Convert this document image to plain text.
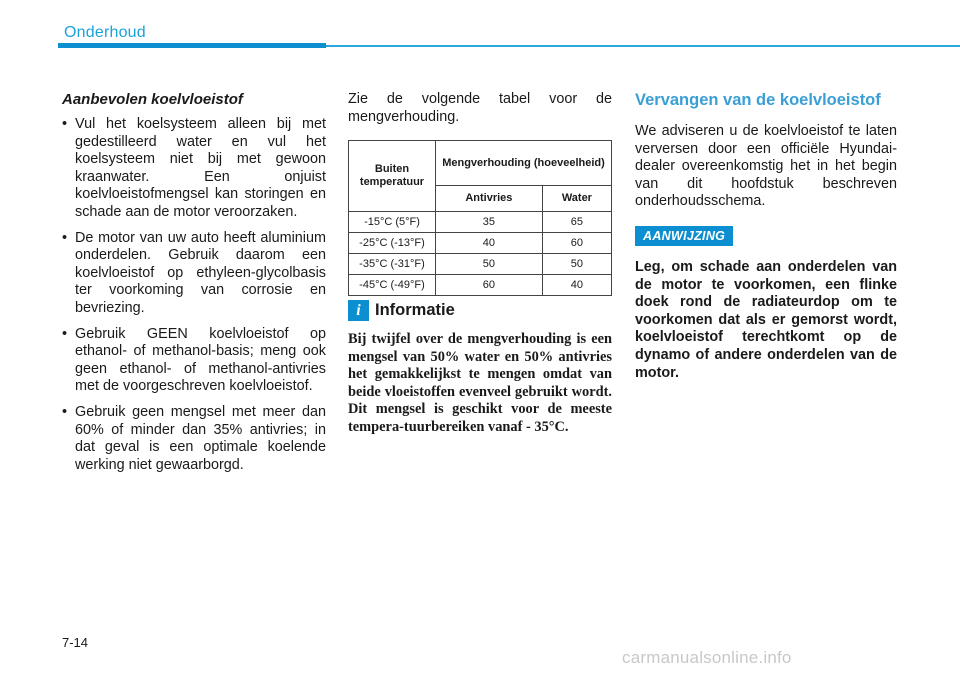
Onderhoud
Aanbevolen koelvloeistof
• Vul het koelsysteem alleen bij met gedestilleerd water en vul het koelsysteem niet bij met gewoon kraanwater. Een onjuist koelvloeistofmengsel kan storingen en schade aan de motor veroorzaken.
• De motor van uw auto heeft aluminium onderdelen. Gebruik daarom een koelvloeistof op ethyleen-glycolbasis ter voorkoming van corrosie en bevriezing.
• Gebruik GEEN koelvloeistof op ethanol- of methanol-basis; meng ook geen ethanol- of methanol-antivries met de voorgeschreven koelvloeistof.
• Gebruik geen mengsel met meer dan 60% of minder dan 35% antivries; in dat geval is een optimale koelende werking niet gewaarborgd.

Zie de volgende tabel voor de mengverhouding.

Buiten temperatuur	Mengverhouding (hoeveelheid)	
	Antivries	Water
-15°C (5°F)	35	65
-25°C (-13°F)	40	60
-35°C (-31°F)	50	50
-45°C (-49°F)	60	40
i Informatie

Bij twijfel over de mengverhouding is een mengsel van 50% water en 50% antivries het gemakkelijkst te mengen omdat van beide vloeistoffen evenveel gebruikt wordt. Dit mengsel is geschikt voor de meeste tempera-tuurbereiken vanaf - 35°C.

Vervangen van de koelvloeistof

We adviseren u de koelvloeistof te laten verversen door een officiële Hyundai-dealer overeenkomstig het in het begin van dit hoofdstuk beschreven onderhoudsschema.

AANWIJZING

Leg, om schade aan onderdelen van de motor te voorkomen, een flinke doek rond de radiateurdop om te voorkomen dat als er gemorst wordt, koelvloeistof terechtkomt op de dynamo of andere onderdelen van de motor.

7-14
carmanualsonline.info
